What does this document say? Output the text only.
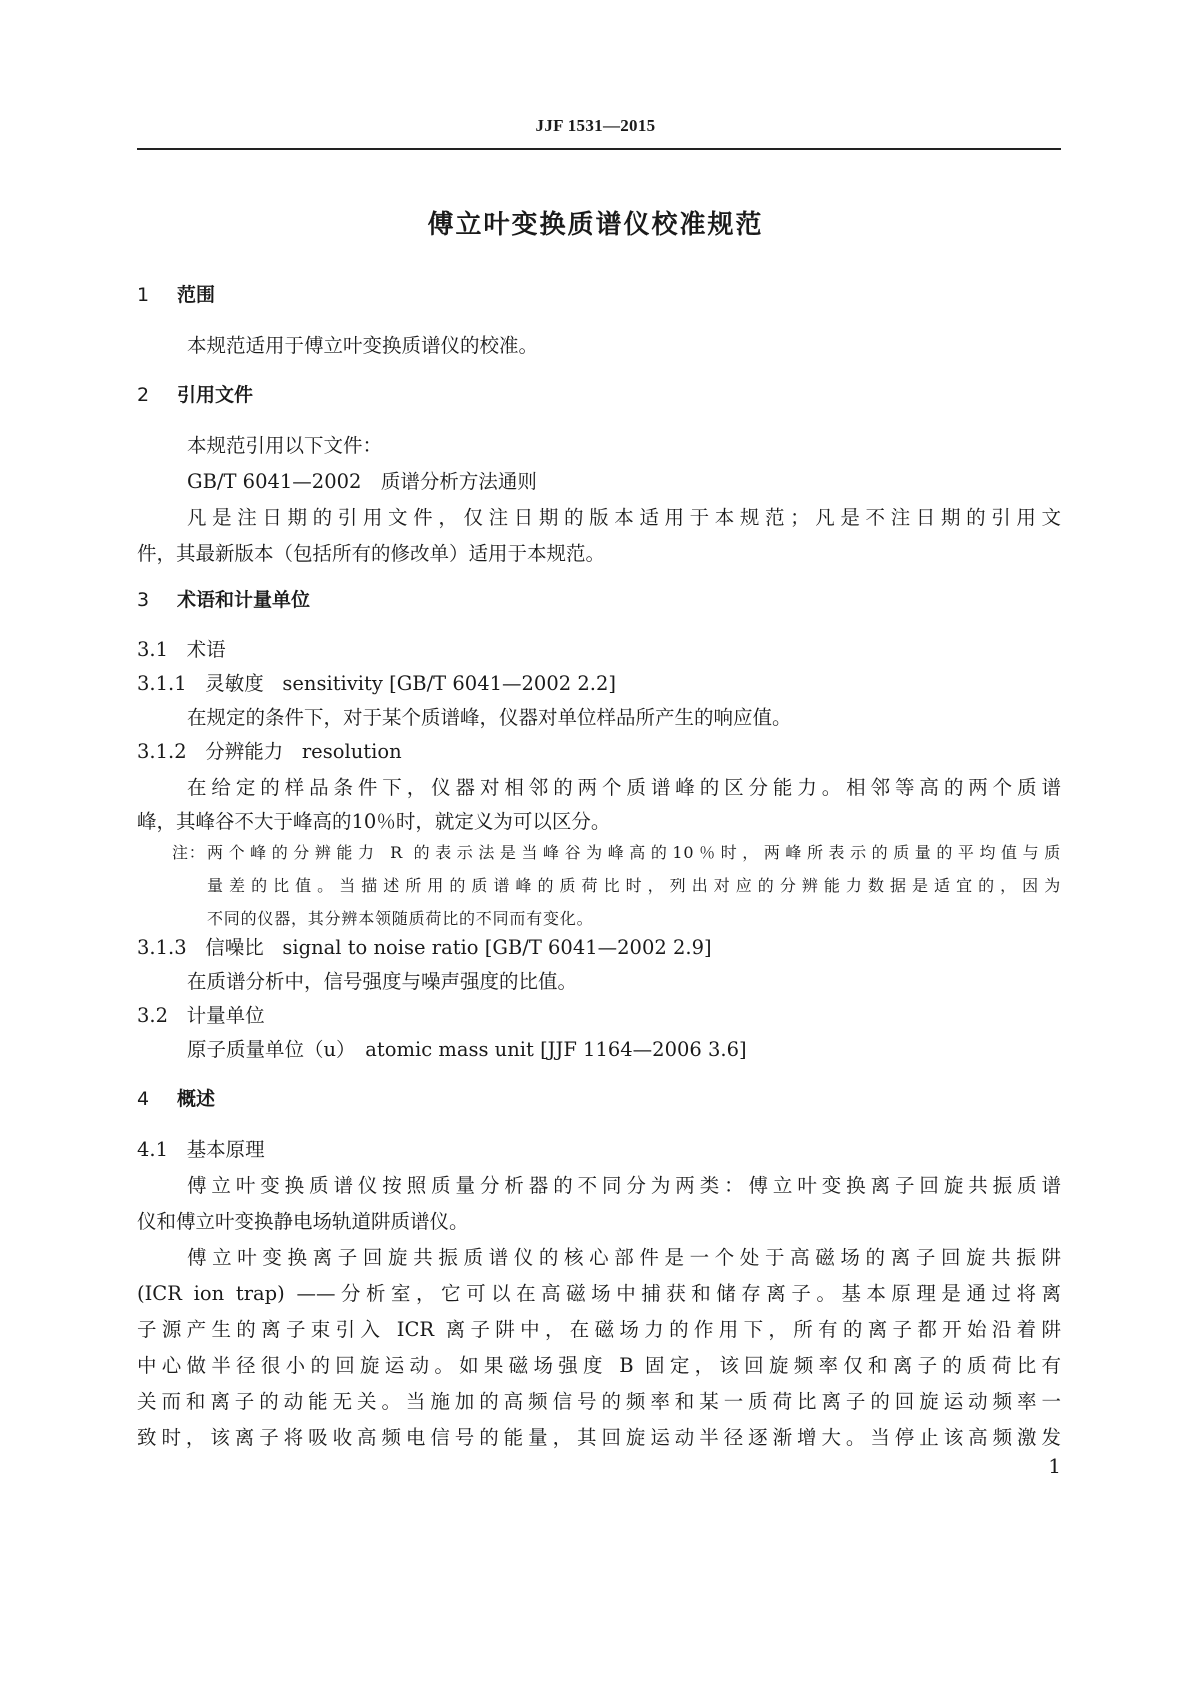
JJF 1531—2015
傅立叶变换质谱仪校准规范
1 范围
本规范适用于傅立叶变换质谱仪的校准。
2 引用文件
本规范引用以下文件：
GB/T 6041—2002　质谱分析方法通则
凡是注日期的引用文件，仅注日期的版本适用于本规范；凡是不注日期的引用文
件，其最新版本（包括所有的修改单）适用于本规范。
3 术语和计量单位
3.1 术语
3.1.1 灵敏度 sensitivity [GB/T 6041—2002 2.2]
在规定的条件下，对于某个质谱峰，仪器对单位样品所产生的响应值。
3.1.2 分辨能力 resolution
在给定的样品条件下，仪器对相邻的两个质谱峰的区分能力。相邻等高的两个质谱
峰，其峰谷不大于峰高的10％时，就定义为可以区分。
注： 两个峰的分辨能力 R 的表示法是当峰谷为峰高的10％时，两峰所表示的质量的平均值与质
量差的比值。当描述所用的质谱峰的质荷比时，列出对应的分辨能力数据是适宜的，因为
不同的仪器，其分辨本领随质荷比的不同而有变化。
3.1.3 信噪比 signal to noise ratio [GB/T 6041—2002 2.9]
在质谱分析中，信号强度与噪声强度的比值。
3.2 计量单位
原子质量单位（u）　atomic mass unit [JJF 1164—2006 3.6]
4 概述
4.1 基本原理
傅立叶变换质谱仪按照质量分析器的不同分为两类：傅立叶变换离子回旋共振质谱
仪和傅立叶变换静电场轨道阱质谱仪。
傅立叶变换离子回旋共振质谱仪的核心部件是一个处于高磁场的离子回旋共振阱
(ICR ion trap) ——分析室，它可以在高磁场中捕获和储存离子。基本原理是通过将离
子源产生的离子束引入 ICR 离子阱中，在磁场力的作用下，所有的离子都开始沿着阱
中心做半径很小的回旋运动。如果磁场强度 B 固定，该回旋频率仅和离子的质荷比有
关而和离子的动能无关。当施加的高频信号的频率和某一质荷比离子的回旋运动频率一
致时，该离子将吸收高频电信号的能量，其回旋运动半径逐渐增大。当停止该高频激发
1
